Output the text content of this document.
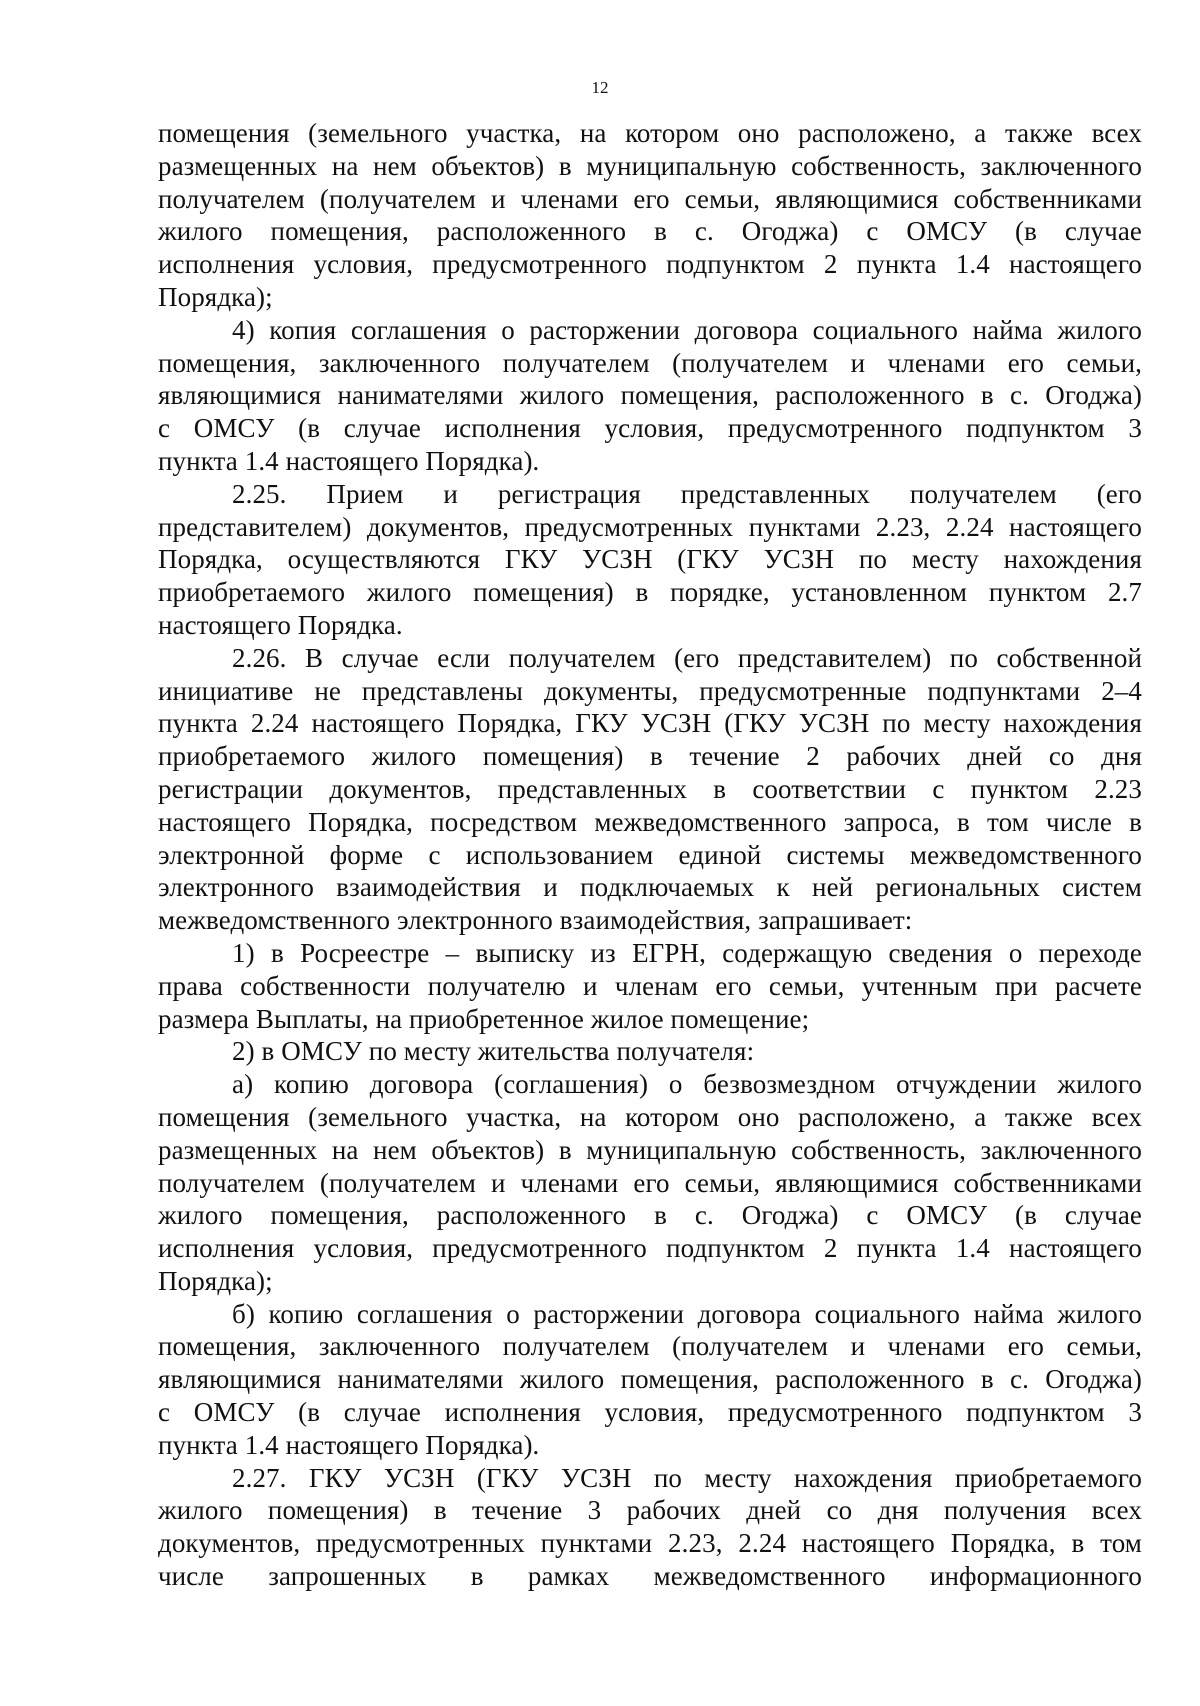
12
помещения (земельного участка, на котором оно расположено, а также всех
размещенных на нем объектов) в муниципальную собственность, заключенного
получателем (получателем и членами его семьи, являющимися собственниками
жилого помещения, расположенного в с. Огоджа) с ОМСУ (в случае
исполнения условия, предусмотренного подпунктом 2 пункта 1.4 настоящего
Порядка);
4) копия соглашения о расторжении договора социального найма жилого
помещения, заключенного получателем (получателем и членами его семьи,
являющимися нанимателями жилого помещения, расположенного в с. Огоджа)
с ОМСУ (в случае исполнения условия, предусмотренного подпунктом 3
пункта 1.4 настоящего Порядка).
2.25. Прием и регистрация представленных получателем (его
представителем) документов, предусмотренных пунктами 2.23, 2.24 настоящего
Порядка, осуществляются ГКУ УСЗН (ГКУ УСЗН по месту нахождения
приобретаемого жилого помещения) в порядке, установленном пунктом 2.7
настоящего Порядка.
2.26. В случае если получателем (его представителем) по собственной
инициативе не представлены документы, предусмотренные подпунктами 2–4
пункта 2.24 настоящего Порядка, ГКУ УСЗН (ГКУ УСЗН по месту нахождения
приобретаемого жилого помещения) в течение 2 рабочих дней со дня
регистрации документов, представленных в соответствии с пунктом 2.23
настоящего Порядка, посредством межведомственного запроса, в том числе в
электронной форме с использованием единой системы межведомственного
электронного взаимодействия и подключаемых к ней региональных систем
межведомственного электронного взаимодействия, запрашивает:
1) в Росреестре – выписку из ЕГРН, содержащую сведения о переходе
права собственности получателю и членам его семьи, учтенным при расчете
размера Выплаты, на приобретенное жилое помещение;
2) в ОМСУ по месту жительства получателя:
а) копию договора (соглашения) о безвозмездном отчуждении жилого
помещения (земельного участка, на котором оно расположено, а также всех
размещенных на нем объектов) в муниципальную собственность, заключенного
получателем (получателем и членами его семьи, являющимися собственниками
жилого помещения, расположенного в с. Огоджа) с ОМСУ (в случае
исполнения условия, предусмотренного подпунктом 2 пункта 1.4 настоящего
Порядка);
б) копию соглашения о расторжении договора социального найма жилого
помещения, заключенного получателем (получателем и членами его семьи,
являющимися нанимателями жилого помещения, расположенного в с. Огоджа)
с ОМСУ (в случае исполнения условия, предусмотренного подпунктом 3
пункта 1.4 настоящего Порядка).
2.27. ГКУ УСЗН (ГКУ УСЗН по месту нахождения приобретаемого
жилого помещения) в течение 3 рабочих дней со дня получения всех
документов, предусмотренных пунктами 2.23, 2.24 настоящего Порядка, в том
числе запрошенных в рамках межведомственного информационного
